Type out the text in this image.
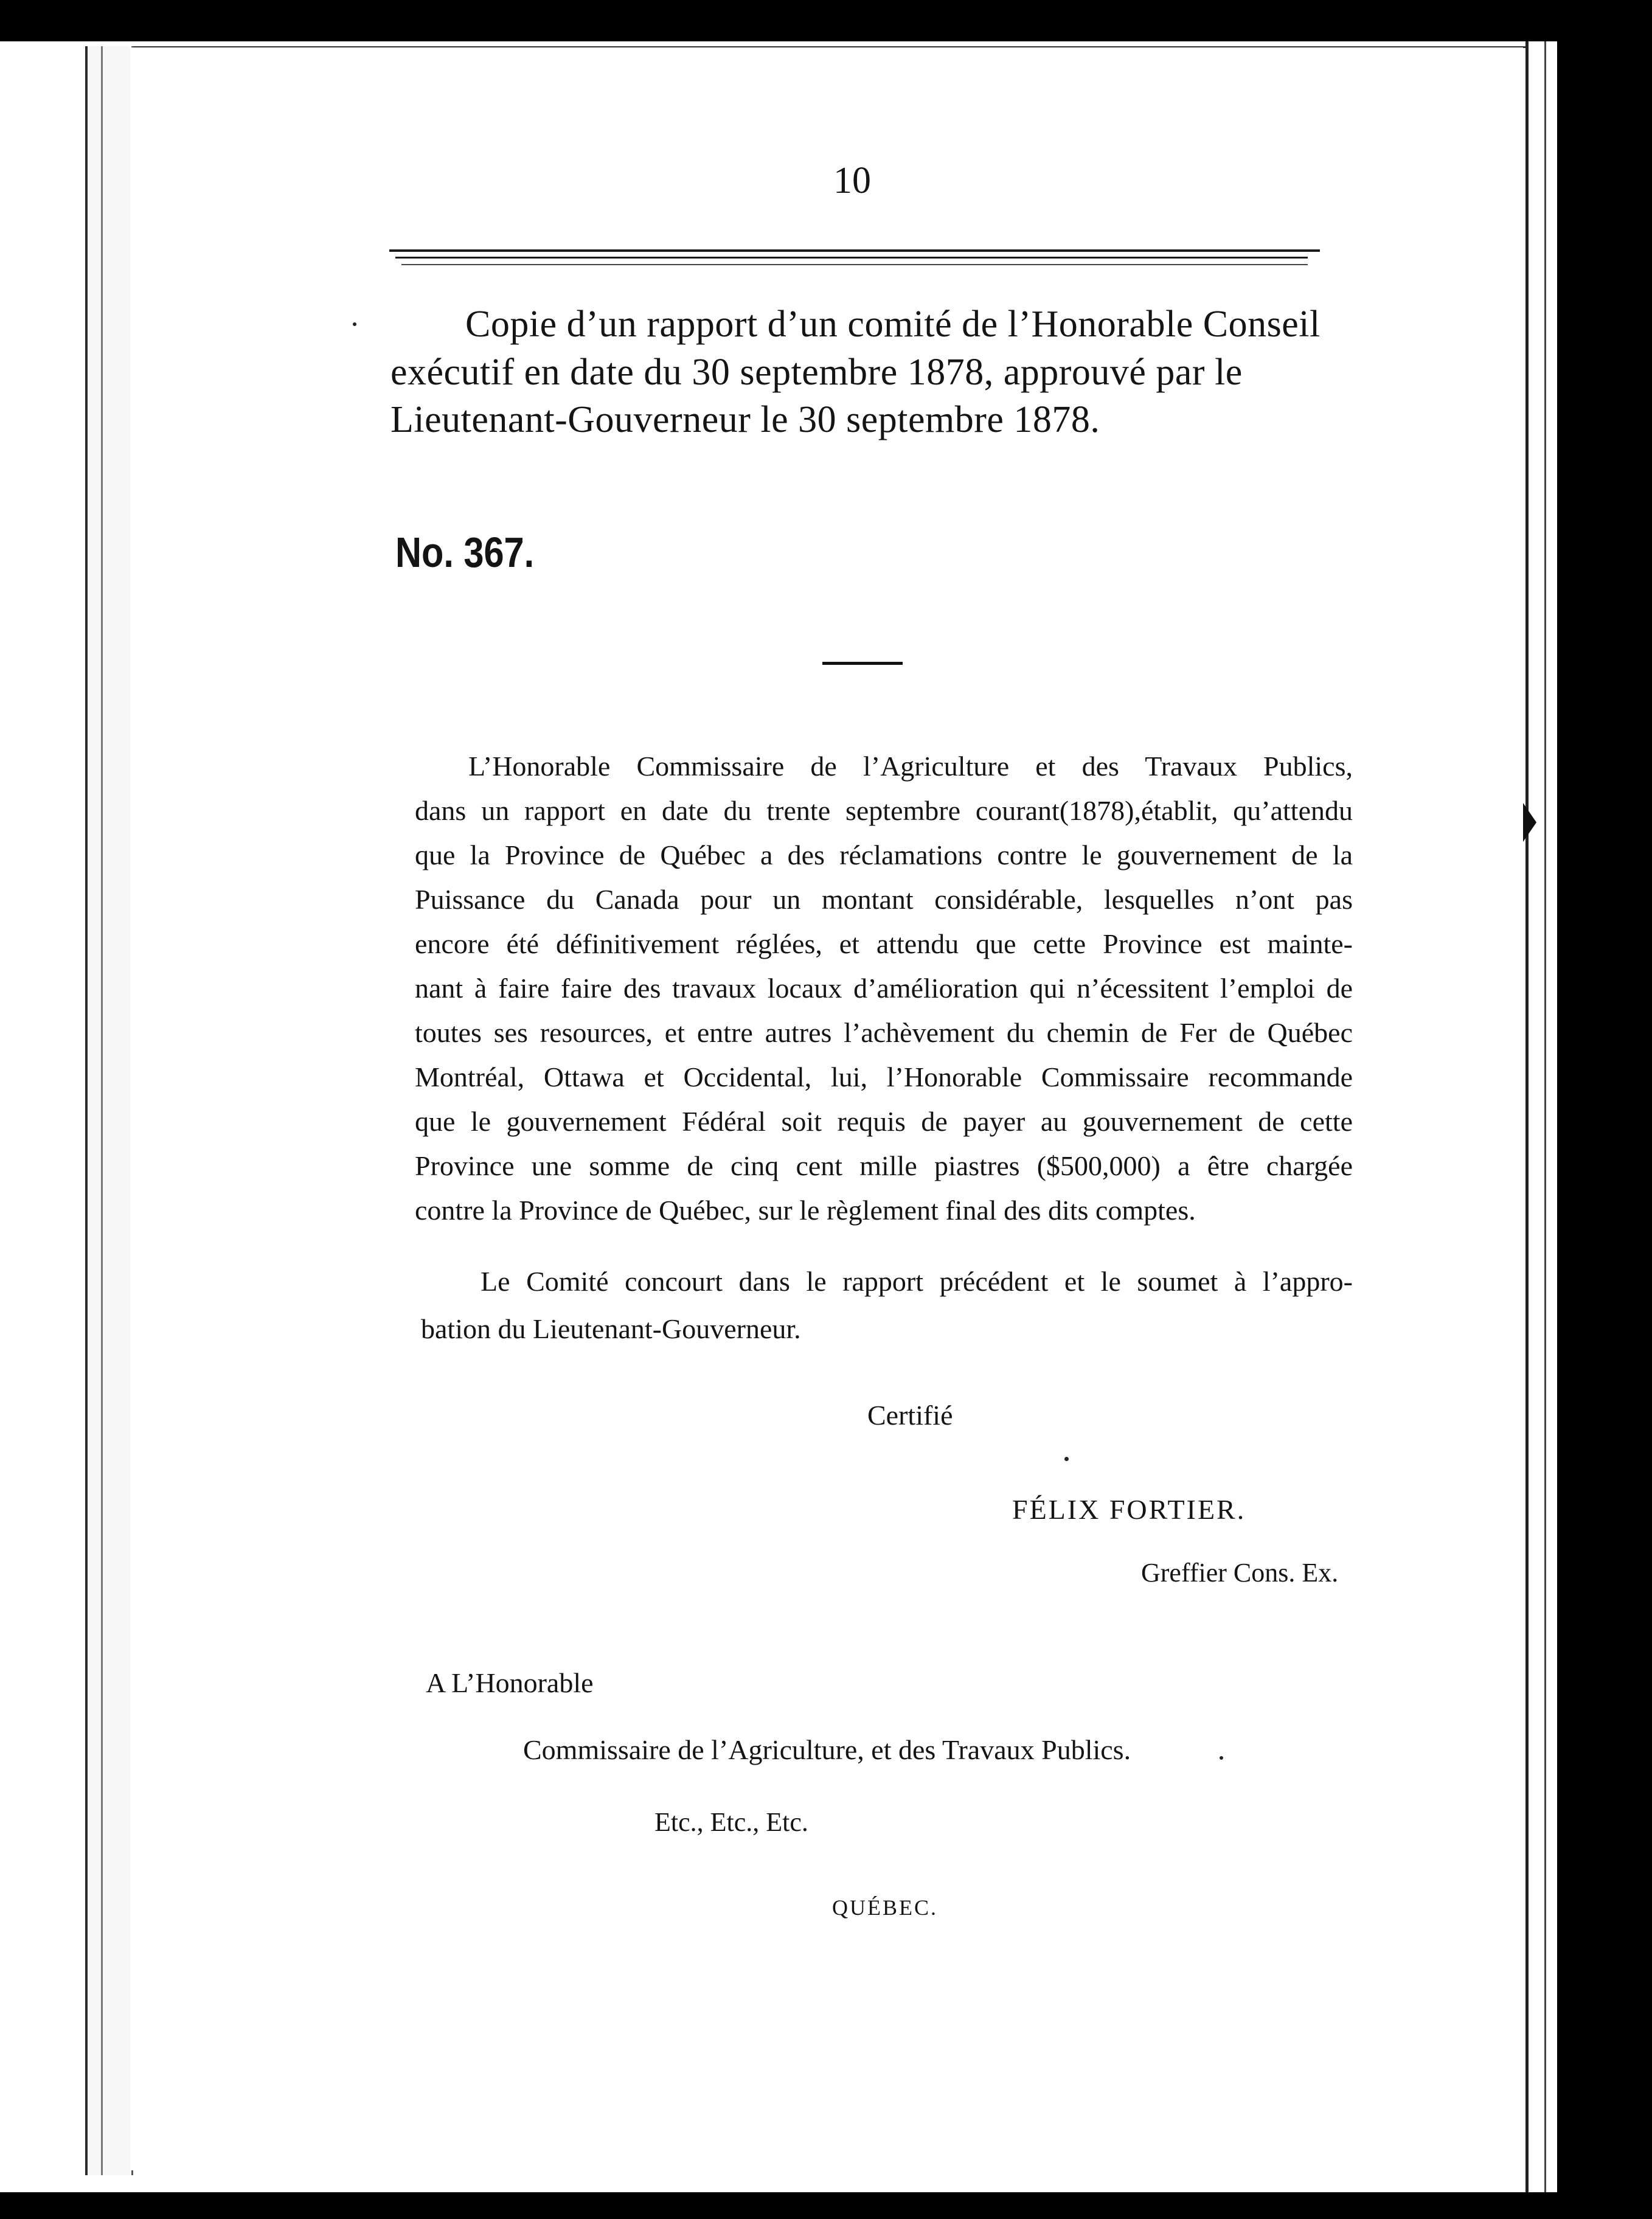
10
Copie d’un rapport d’un comité de l’Honorable Conseil
exécutif en date du 30 septembre 1878, approuvé par le
Lieutenant-Gouverneur le 30 septembre 1878.
No. 367.
L’Honorable Commissaire de l’Agriculture et des Travaux Publics,
dans un rapport en date du trente septembre courant(1878),établit, qu’attendu
que la Province de Québec a des réclamations contre le gouvernement de la
Puissance du Canada pour un montant considérable, lesquelles n’ont pas
encore été définitivement réglées, et attendu que cette Province est mainte-
nant à faire faire des travaux locaux d’amélioration qui n’écessitent l’emploi de
toutes ses resources, et entre autres l’achèvement du chemin de Fer de Québec
Montréal, Ottawa et Occidental, lui, l’Honorable Commissaire recommande
que le gouvernement Fédéral soit requis de payer au gouvernement de cette
Province une somme de cinq cent mille piastres ($500,000) a être chargée
contre la Province de Québec, sur le règlement final des dits comptes.
Le Comité concourt dans le rapport précédent et le soumet à l’appro-
bation du Lieutenant-Gouverneur.
Certifié
FÉLIX FORTIER.
Greffier Cons. Ex.
A L’Honorable
Commissaire de l’Agriculture, et des Travaux Publics.
Etc., Etc., Etc.
QUÉBEC.
